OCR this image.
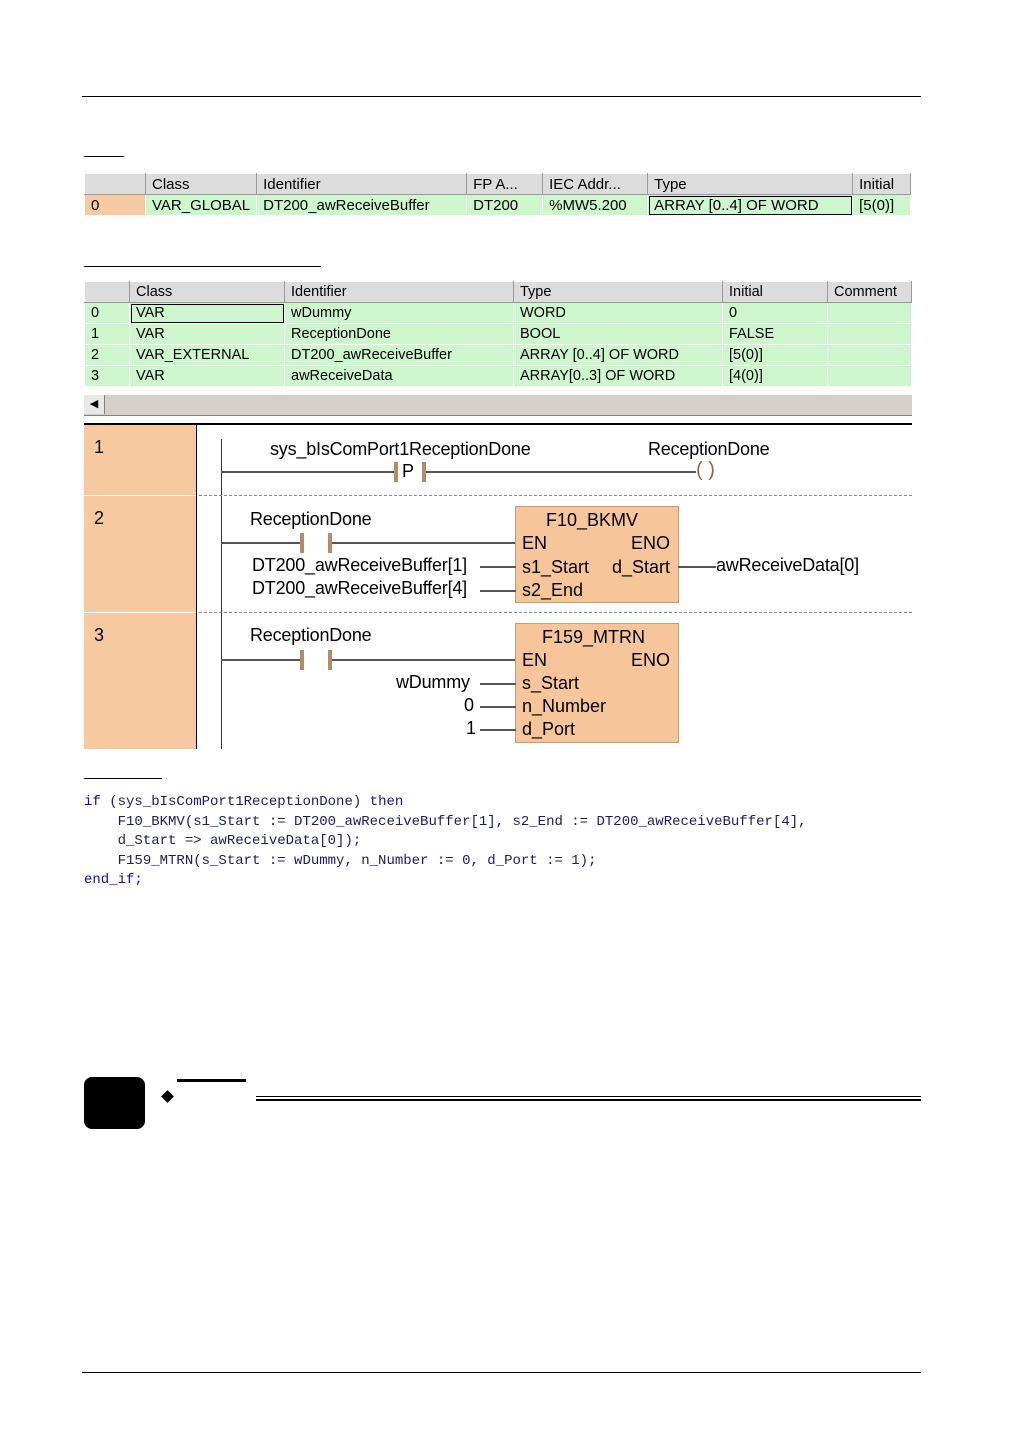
	Class	Identifier	FP A...	IEC Addr...	Type	Initial
0	VAR_GLOBAL	DT200_awReceiveBuffer	DT200	%MW5.200	ARRAY [0..4] OF WORD	[5(0)]
	Class	Identifier	Type	Initial	Comment
0	VAR	wDummy	WORD	0	
1	VAR	ReceptionDone	BOOL	FALSE	
2	VAR_EXTERNAL	DT200_awReceiveBuffer	ARRAY [0..4] OF WORD	[5(0)]	
3	VAR	awReceiveData	ARRAY[0..3] OF WORD	[4(0)]	
◀
1
2
3
sys_bIsComPort1ReceptionDone
P	( )
ReceptionDone
ReceptionDone	F10_BKMV
EN	ENO
s1_Start d_Start
s2_End
DT200_awReceiveBuffer[1]
DT200_awReceiveBuffer[4]
awReceiveData[0]
ReceptionDone	F159_MTRN
EN	ENO
s_Start
n_Number
d_Port
wDummy
0
1
if (sys_bIsComPort1ReceptionDone) then
F10_BKMV(s1_Start := DT200_awReceiveBuffer[1], s2_End := DT200_awReceiveBuffer[4],
d_Start => awReceiveData[0]);
F159_MTRN(s_Start := wDummy, n_Number := 0, d_Port := 1);
end_if;
